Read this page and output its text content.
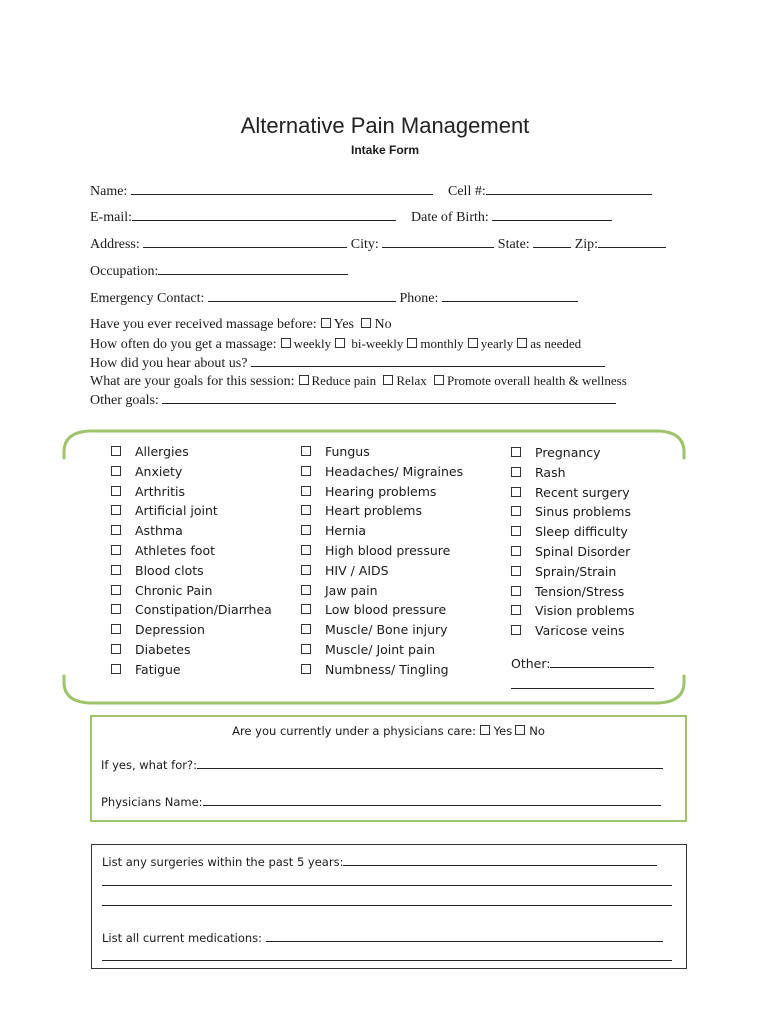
Alternative Pain Management
Intake Form
Name:	Cell #:
E-mail:	Date of Birth:
Address:	City:	State:	Zip:
Occupation:
Emergency Contact:	Phone:
Have you ever received massage before: Yes No
How often do you get a massage: weekly bi-weekly monthly yearly as needed
How did you hear about us?
What are your goals for this session: Reduce pain Relax Promote overall health & wellness
Other goals:
Allergies
Anxiety
Arthritis
Artificial joint
Asthma
Athletes foot
Blood clots
Chronic Pain
Constipation/Diarrhea
Depression
Diabetes
Fatigue
Fungus
Headaches/ Migraines
Hearing problems
Heart problems
Hernia
High blood pressure
HIV / AIDS
Jaw pain
Low blood pressure
Muscle/ Bone injury
Muscle/ Joint pain
Numbness/ Tingling
Pregnancy
Rash
Recent surgery
Sinus problems
Sleep difficulty
Spinal Disorder
Sprain/Strain
Tension/Stress
Vision problems
Varicose veins
Other:
Are you currently under a physicians care: Yes No
If yes, what for?:
Physicians Name:
List any surgeries within the past 5 years:
List all current medications:
